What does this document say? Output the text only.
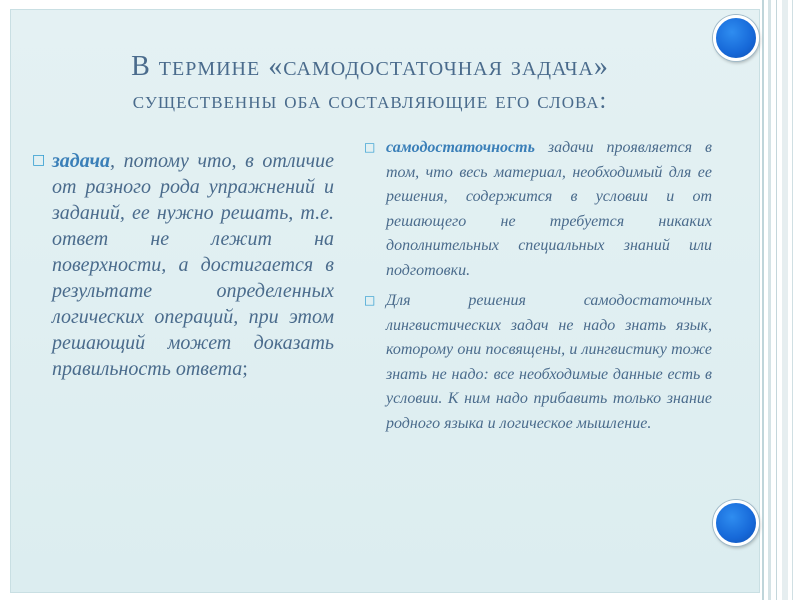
В термине «самодостаточная задача»
существенны оба составляющие его слова:
□ задача, потому что, в отличие от разного рода упражнений и заданий, ее нужно решать, т.е. ответ не лежит на поверхности, а достигается в результате определенных логических операций, при этом решающий может доказать правильность ответа;

□ самодостаточность задачи проявляется в том, что весь материал, необходимый для ее решения, содержится в условии и от решающего не требуется никаких дополнительных специальных знаний или подготовки.

□ Для решения самодостаточных лингвистических задач не надо знать язык, которому они посвящены, и лингвистику тоже знать не надо: все необходимые данные есть в условии. К ним надо прибавить только знание родного языка и логическое мышление.
